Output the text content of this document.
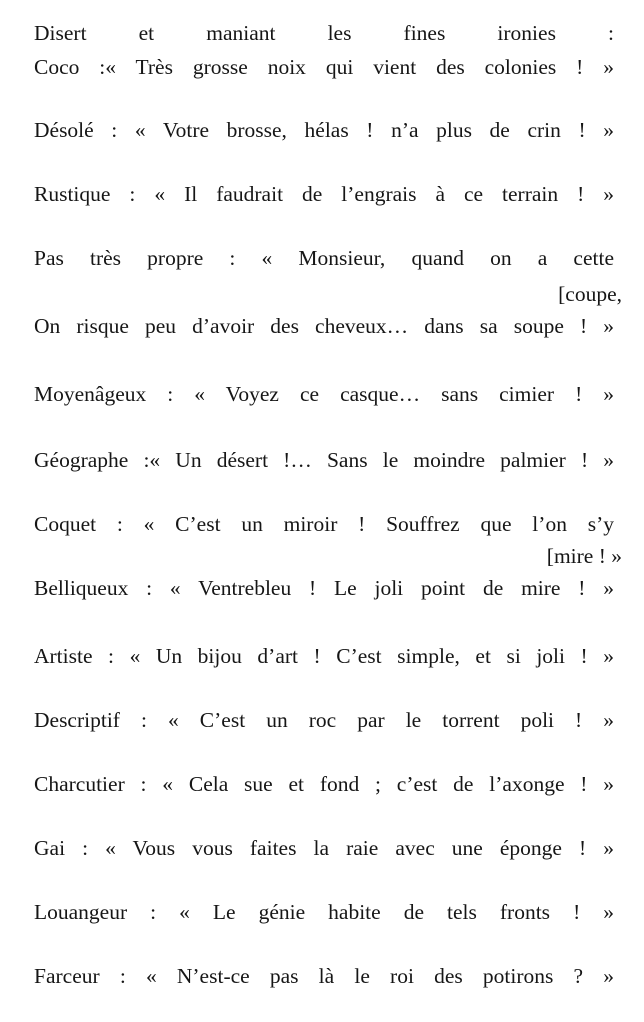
Disert et maniant les fines ironies :
Coco :« Très grosse noix qui vient des colonies ! »
Désolé : « Votre brosse, hélas ! n’a plus de crin ! »
Rustique : « Il faudrait de l’engrais à ce terrain ! »
Pas très propre : « Monsieur, quand on a cette
[coupe,
On risque peu d’avoir des cheveux… dans sa soupe ! »
Moyenâgeux : « Voyez ce casque… sans cimier ! »
Géographe :« Un désert !… Sans le moindre palmier ! »
Coquet : « C’est un miroir ! Souffrez que l’on s’y
[mire ! »
Belliqueux : « Ventrebleu ! Le joli point de mire ! »
Artiste : « Un bijou d’art ! C’est simple, et si joli ! »
Descriptif : « C’est un roc par le torrent poli ! »
Charcutier : « Cela sue et fond ; c’est de l’axonge ! »
Gai : « Vous vous faites la raie avec une éponge ! »
Louangeur : « Le génie habite de tels fronts ! »
Farceur : « N’est-ce pas là le roi des potirons ? »
